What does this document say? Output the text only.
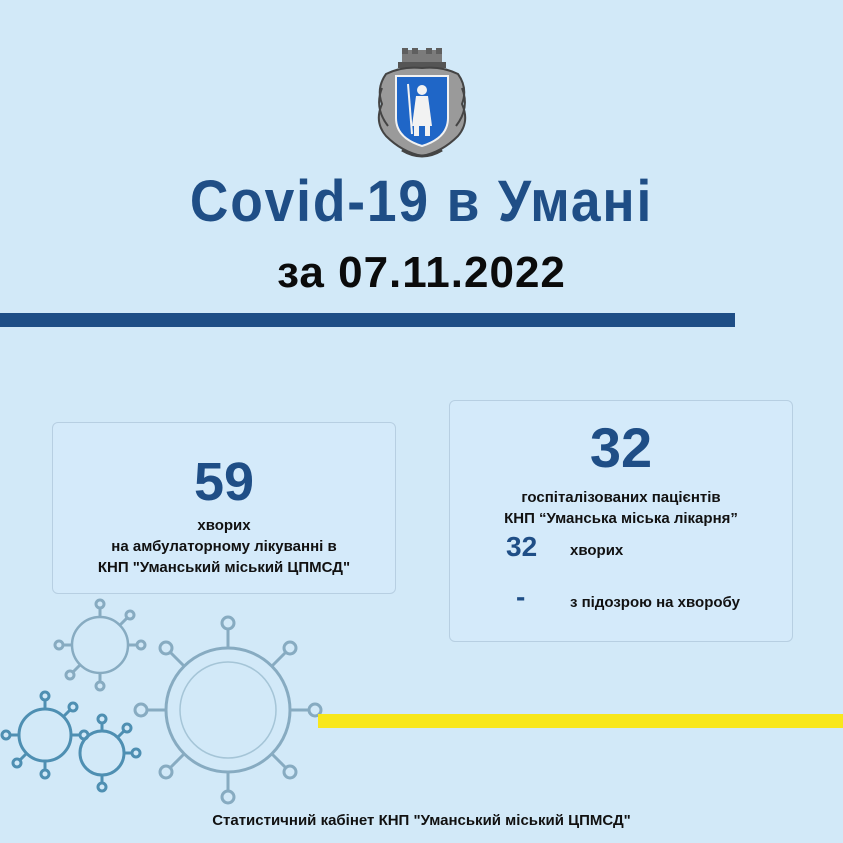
Covid-19 в Умані
за 07.11.2022
59
хворих
на амбулаторному лікуванні в
КНП "Уманський міський ЦПМСД"
32
госпіталізованих пацієнтів
КНП “Уманська міська лікарня”
32 хворих
-	з підозрою на хворобу
Статистичний кабінет КНП "Уманський міський ЦПМСД"
